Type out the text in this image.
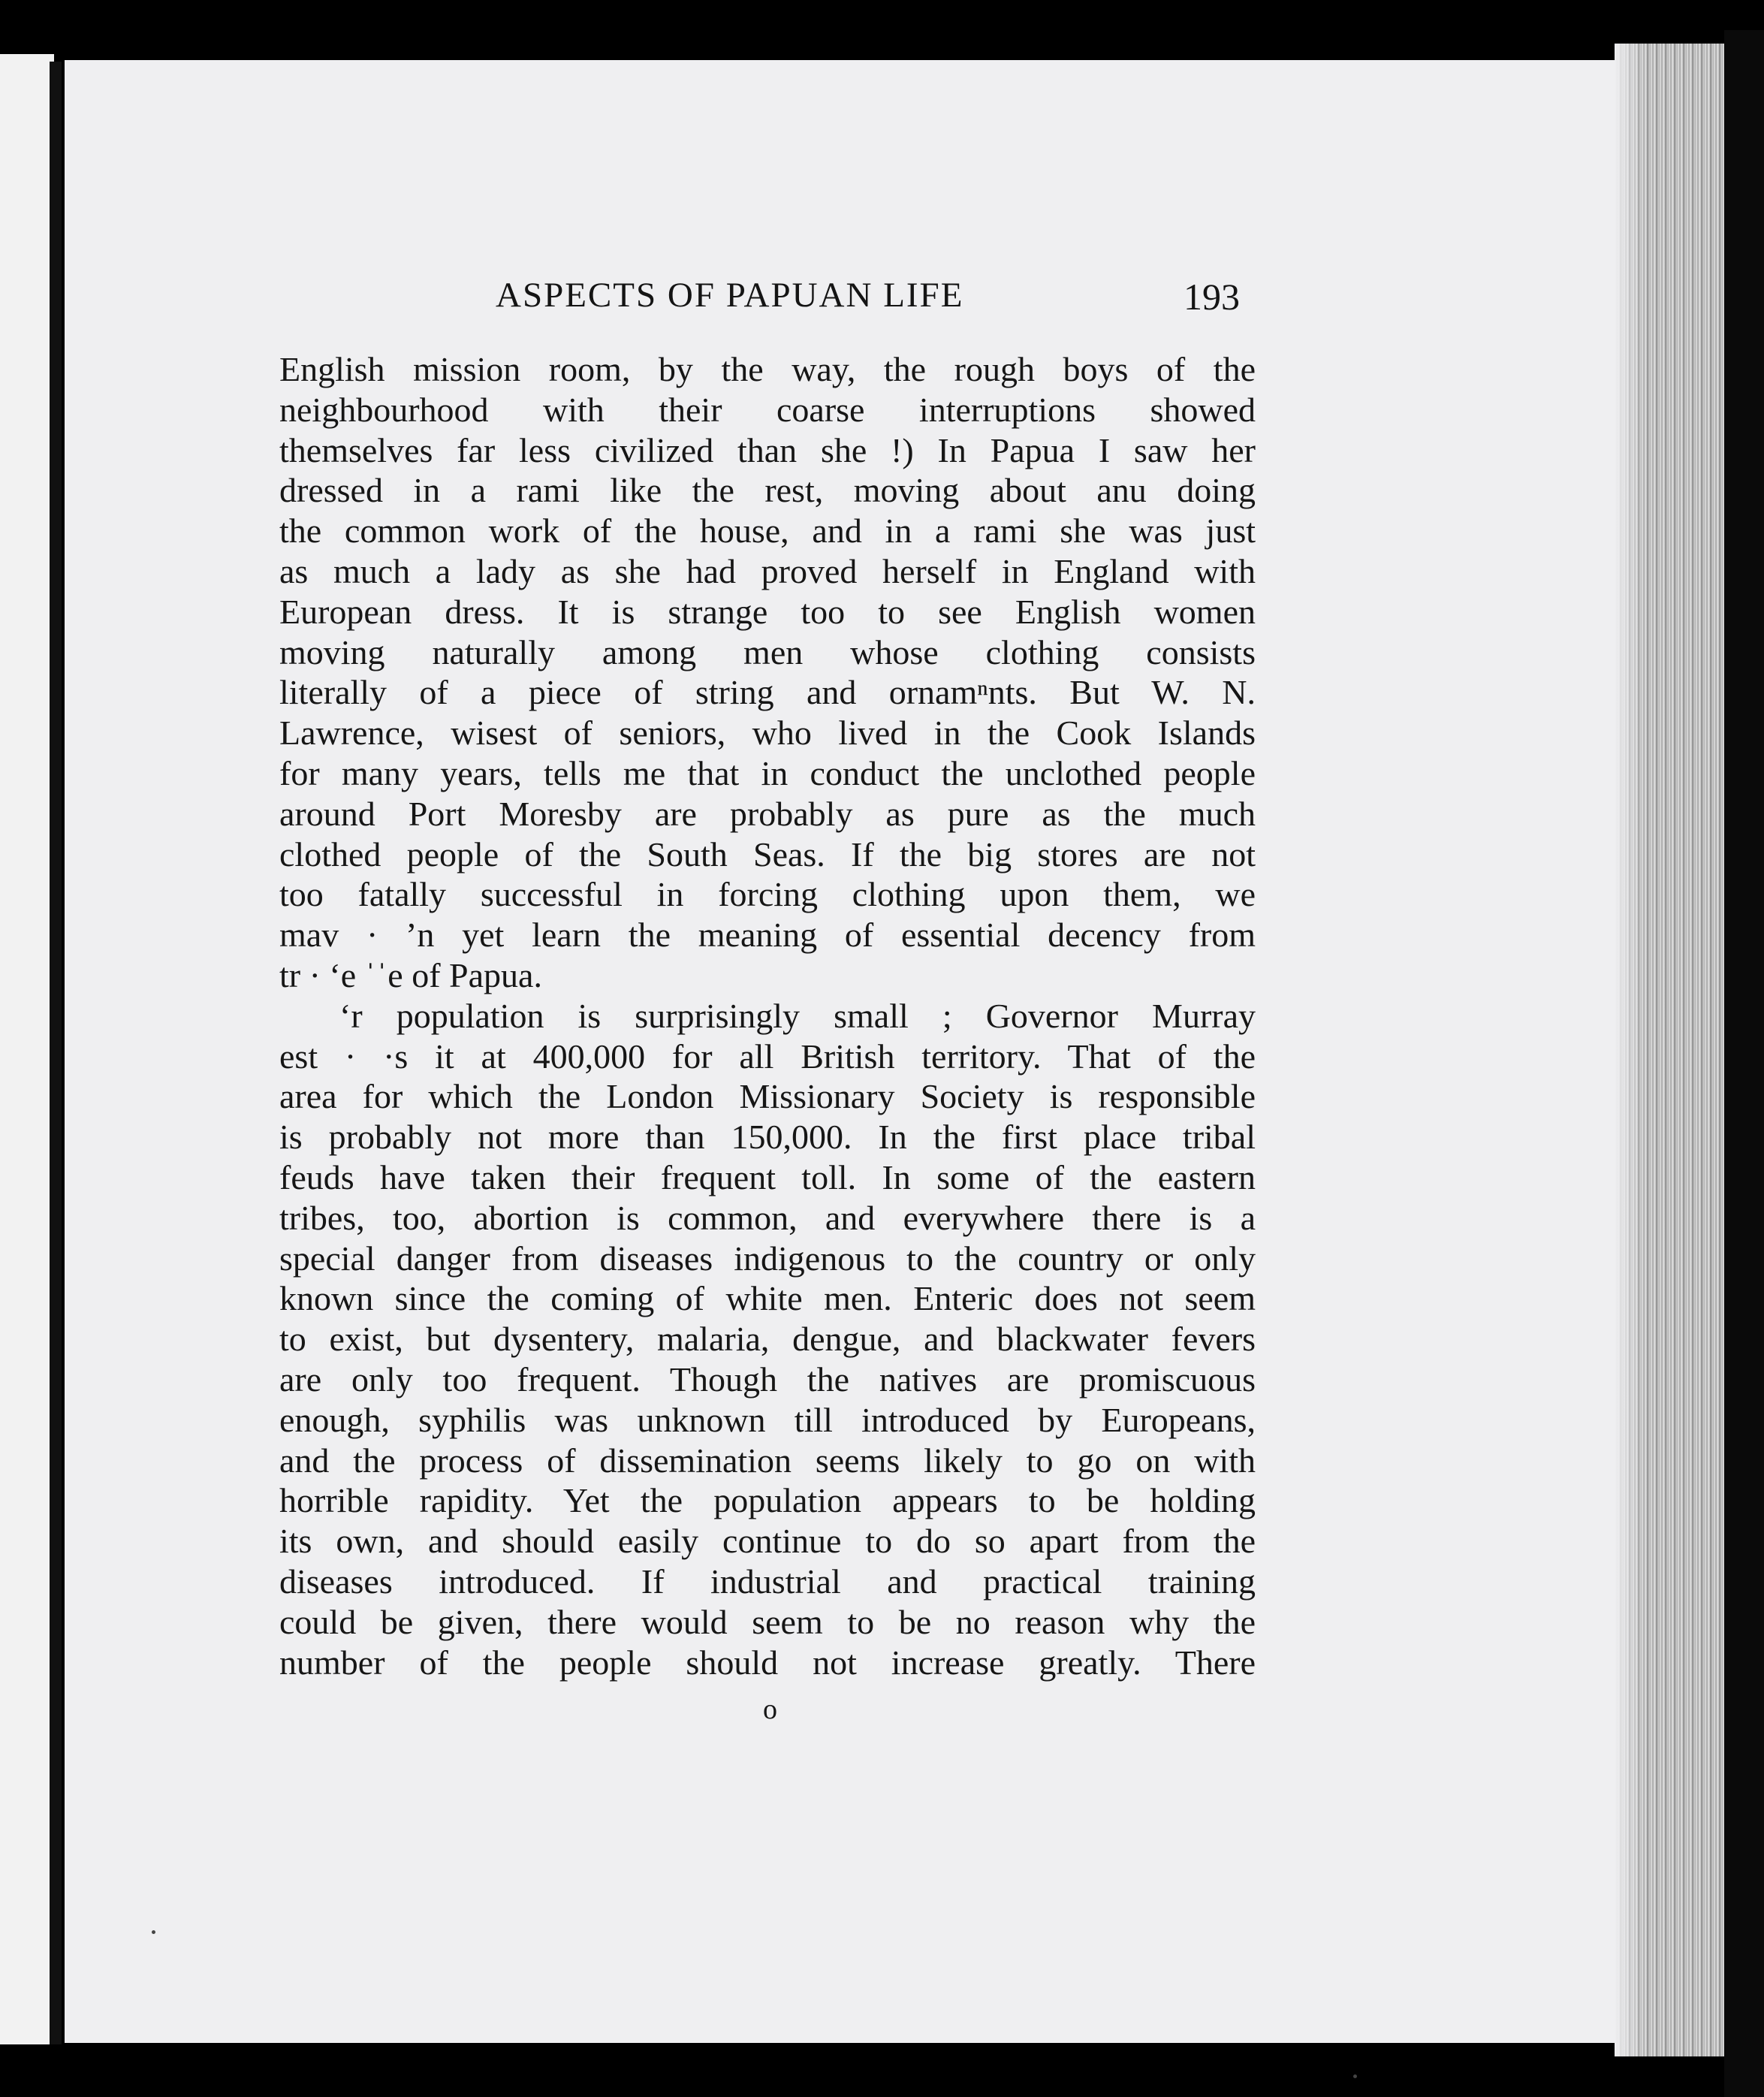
ASPECTS OF PAPUAN LIFE	193
English mission room, by the way, the rough boys of the
neighbourhood with their coarse interruptions showed
themselves far less civilized than she !) In Papua I saw her
dressed in a rami like the rest, moving about anu doing
the common work of the house, and in a rami she was just
as much a lady as she had proved herself in England with
European dress. It is strange too to see English women
moving naturally among men whose clothing consists
literally of a piece of string and ornamⁿnts. But W. N.
Lawrence, wisest of seniors, who lived in the Cook Islands
for many years, tells me that in conduct the unclothed people
around Port Moresby are probably as pure as the much
clothed people of the South Seas. If the big stores are not
too fatally successful in forcing clothing upon them, we
mav · ’n yet learn the meaning of essential decency from
tr · ʻe ˈˈe of Papua.
ʻr population is surprisingly small ; Governor Murray
est · ·s it at 400,000 for all British territory. That of the
area for which the London Missionary Society is responsible
is probably not more than 150,000. In the first place tribal
feuds have taken their frequent toll. In some of the eastern
tribes, too, abortion is common, and everywhere there is a
special danger from diseases indigenous to the country or only
known since the coming of white men. Enteric does not seem
to exist, but dysentery, malaria, dengue, and blackwater fevers
are only too frequent. Though the natives are promiscuous
enough, syphilis was unknown till introduced by Europeans,
and the process of dissemination seems likely to go on with
horrible rapidity. Yet the population appears to be holding
its own, and should easily continue to do so apart from the
diseases introduced. If industrial and practical training
could be given, there would seem to be no reason why the
number of the people should not increase greatly. There
o
